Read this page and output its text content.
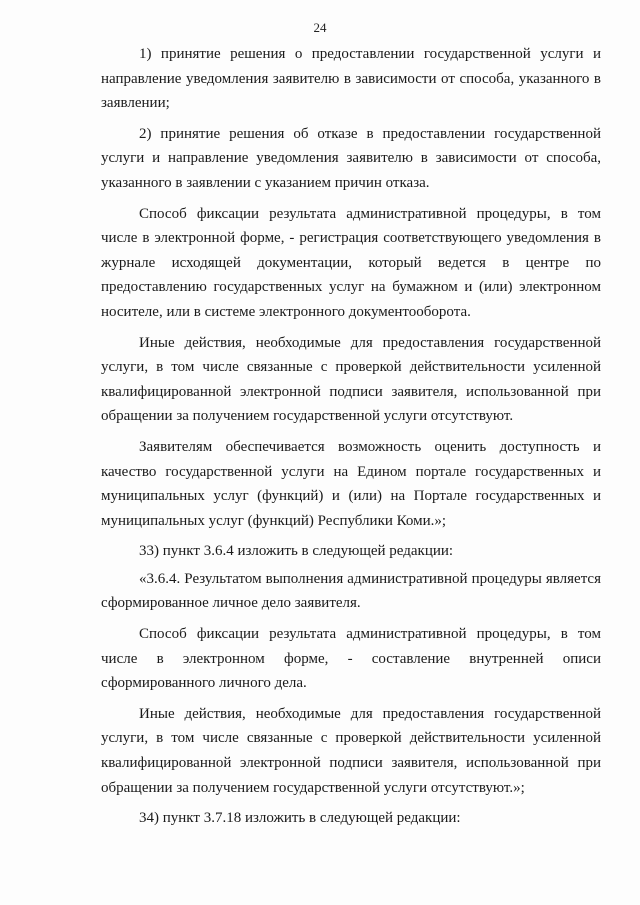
24

1) принятие решения о предоставлении государственной услуги и направление уведомления заявителю в зависимости от способа, указанного в заявлении;

2) принятие решения об отказе в предоставлении государственной услуги и направление уведомления заявителю в зависимости от способа, указанного в заявлении с указанием причин отказа.

Способ фиксации результата административной процедуры, в том числе в электронной форме, - регистрация соответствующего уведомления в журнале исходящей документации, который ведется в центре по предоставлению государственных услуг на бумажном и (или) электронном носителе, или в системе электронного документооборота.

Иные действия, необходимые для предоставления государственной услуги, в том числе связанные с проверкой действительности усиленной квалифицированной электронной подписи заявителя, использованной при обращении за получением государственной услуги отсутствуют.

Заявителям обеспечивается возможность оценить доступность и качество государственной услуги на Едином портале государственных и муниципальных услуг (функций) и (или) на Портале государственных и муниципальных услуг (функций) Республики Коми.»;

33) пункт 3.6.4 изложить в следующей редакции:

«3.6.4. Результатом выполнения административной процедуры является сформированное личное дело заявителя.

Способ фиксации результата административной процедуры, в том числе в электронном форме, - составление внутренней описи сформированного личного дела.

Иные действия, необходимые для предоставления государственной услуги, в том числе связанные с проверкой действительности усиленной квалифицированной электронной подписи заявителя, использованной при обращении за получением государственной услуги отсутствуют.»;

34) пункт 3.7.18 изложить в следующей редакции:
